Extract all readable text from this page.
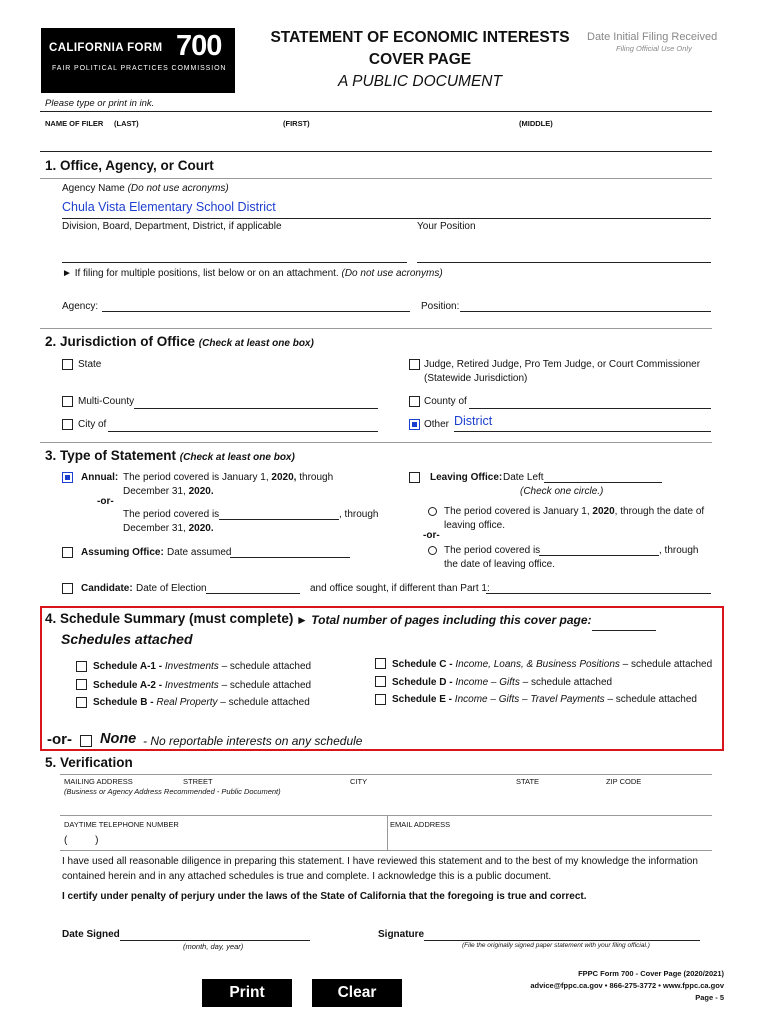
CALIFORNIA FORM 700
FAIR POLITICAL PRACTICES COMMISSION
STATEMENT OF ECONOMIC INTERESTS
COVER PAGE
A PUBLIC DOCUMENT
Date Initial Filing Received
Filing Official Use Only
Please type or print in ink.
NAME OF FILER (LAST)	(FIRST)	(MIDDLE)
1. Office, Agency, or Court
Agency Name (Do not use acronyms)
Chula Vista Elementary School District
Division, Board, Department, District, if applicable	Your Position
► If filing for multiple positions, list below or on an attachment. (Do not use acronyms)
Agency:	Position:
2. Jurisdiction of Office (Check at least one box)
State	Judge, Retired Judge, Pro Tem Judge, or Court Commissioner
(Statewide Jurisdiction)
Multi-County	County of
City of	Other District
3. Type of Statement (Check at least one box)
Annual: The period covered is January 1, 2020, through
December 31, 2020.
-or-
The period covered is	, through
December 31, 2020.
Assuming Office: Date assumed
Leaving Office: Date Left
(Check one circle.)
The period covered is January 1, 2020, through the date of
leaving office.
-or-
The period covered is	, through
the date of leaving office.
Candidate: Date of Election	and office sought, if different than Part 1:
4. Schedule Summary (must complete) ► Total number of pages including this cover page:
Schedules attached
Schedule A-1 - Investments – schedule attached
Schedule A-2 - Investments – schedule attached
Schedule B - Real Property – schedule attached
Schedule C - Income, Loans, & Business Positions – schedule attached
Schedule D - Income – Gifts – schedule attached
Schedule E - Income – Gifts – Travel Payments – schedule attached
-or- None - No reportable interests on any schedule
5. Verification
MAILING ADDRESS	STREET	CITY	STATE	ZIP CODE
(Business or Agency Address Recommended - Public Document)
DAYTIME TELEPHONE NUMBER	EMAIL ADDRESS
(          )
I have used all reasonable diligence in preparing this statement. I have reviewed this statement and to the best of my knowledge the information contained herein and in any attached schedules is true and complete. I acknowledge this is a public document.
I certify under penalty of perjury under the laws of the State of California that the foregoing is true and correct.
Date Signed
(month, day, year)
Signature
(File the originally signed paper statement with your filing official.)
Print	Clear
FPPC Form 700 - Cover Page (2020/2021)
advice@fppc.ca.gov • 866-275-3772 • www.fppc.ca.gov
Page - 5
